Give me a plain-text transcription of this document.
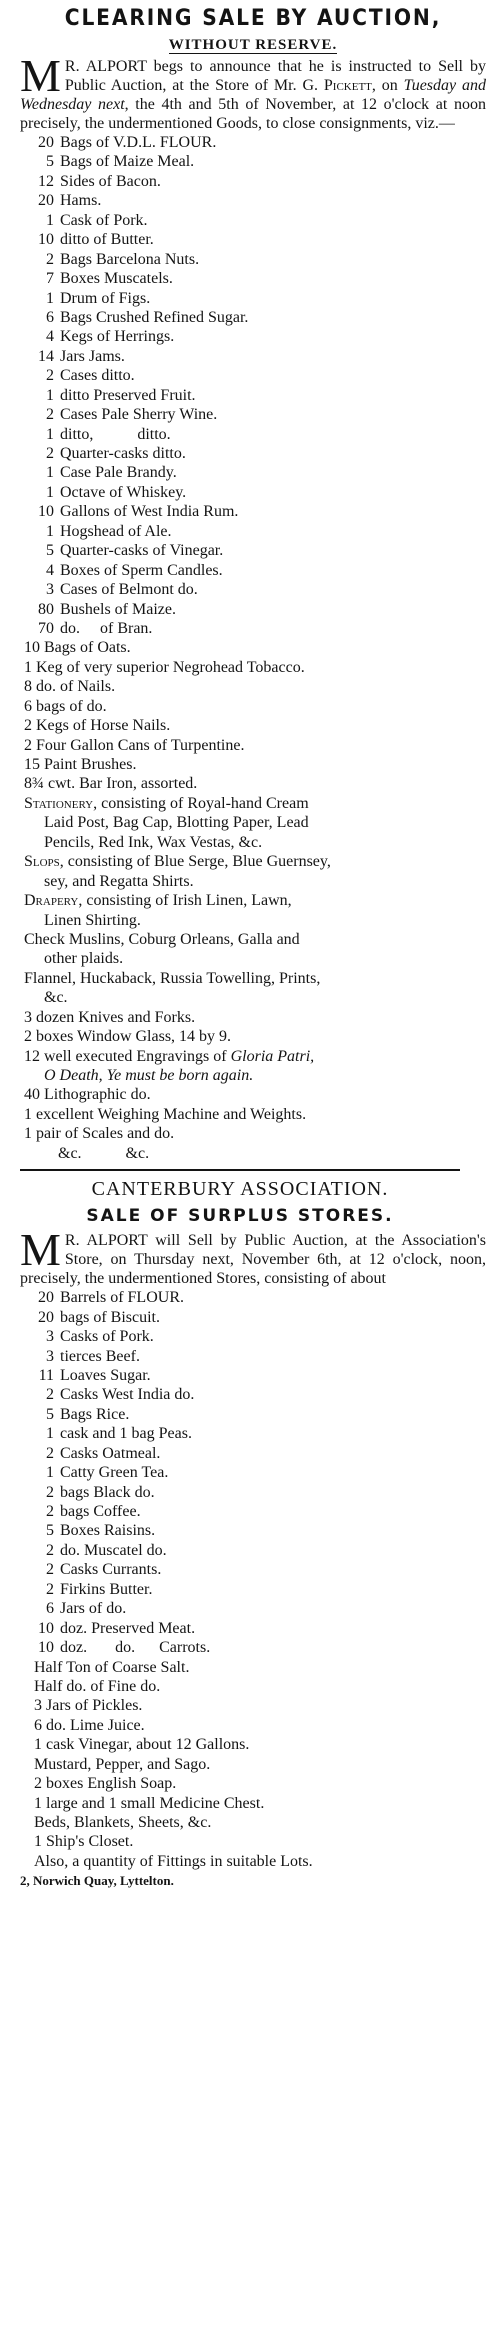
CLEARING SALE BY AUCTION,
WITHOUT RESERVE.
M R. ALPORT begs to announce that he is instructed to Sell by Public Auction, at the Store of Mr. G. Pickett, on Tuesday and Wednesday next, the 4th and 5th of November, at 12 o'clock at noon precisely, the undermentioned Goods, to close consignments, viz.—
20 Bags of V.D.L. FLOUR.
5 Bags of Maize Meal.
12 Sides of Bacon.
20 Hams.
1 Cask of Pork.
10 ditto of Butter.
2 Bags Barcelona Nuts.
7 Boxes Muscatels.
1 Drum of Figs.
6 Bags Crushed Refined Sugar.
4 Kegs of Herrings.
14 Jars Jams.
2 Cases ditto.
1 ditto Preserved Fruit.
2 Cases Pale Sherry Wine.
1 ditto,           ditto.
2 Quarter-casks ditto.
1 Case Pale Brandy.
1 Octave of Whiskey.
10 Gallons of West India Rum.
1 Hogshead of Ale.
5 Quarter-casks of Vinegar.
4 Boxes of Sperm Candles.
3 Cases of Belmont do.
80 Bushels of Maize.
70 do.     of Bran.
10 Bags of Oats.
1 Keg of very superior Negrohead Tobacco.
8 do. of Nails.
6 bags of do.
2 Kegs of Horse Nails.
2 Four Gallon Cans of Turpentine.
15 Paint Brushes.
8¾ cwt. Bar Iron, assorted.
Stationery, consisting of Royal-hand Cream
Laid Post, Bag Cap, Blotting Paper, Lead
Pencils, Red Ink, Wax Vestas, &c.
Slops, consisting of Blue Serge, Blue Guernsey,
sey, and Regatta Shirts.
Drapery, consisting of Irish Linen, Lawn,
Linen Shirting.
Check Muslins, Coburg Orleans, Galla and
other plaids.
Flannel, Huckaback, Russia Towelling, Prints,
&c.
3 dozen Knives and Forks.
2 boxes Window Glass, 14 by 9.
12 well executed Engravings of Gloria Patri,
O Death, Ye must be born again.
40 Lithographic do.
1 excellent Weighing Machine and Weights.
1 pair of Scales and do.
&c.           &c.
CANTERBURY ASSOCIATION.
SALE OF SURPLUS STORES.
M R. ALPORT will Sell by Public Auction, at the Association's Store, on Thursday next, November 6th, at 12 o'clock, noon, precisely, the undermentioned Stores, consisting of about
20 Barrels of FLOUR.
20 bags of Biscuit.
3 Casks of Pork.
3 tierces Beef.
11 Loaves Sugar.
2 Casks West India do.
5 Bags Rice.
1 cask and 1 bag Peas.
2 Casks Oatmeal.
1 Catty Green Tea.
2 bags Black do.
2 bags Coffee.
5 Boxes Raisins.
2 do. Muscatel do.
2 Casks Currants.
2 Firkins Butter.
6 Jars of do.
10 doz. Preserved Meat.
10 doz.       do.      Carrots.
Half Ton of Coarse Salt.
Half do. of Fine do.
3 Jars of Pickles.
6 do. Lime Juice.
1 cask Vinegar, about 12 Gallons.
Mustard, Pepper, and Sago.
2 boxes English Soap.
1 large and 1 small Medicine Chest.
Beds, Blankets, Sheets, &c.
1 Ship's Closet.
Also, a quantity of Fittings in suitable Lots.
2, Norwich Quay, Lyttelton.
